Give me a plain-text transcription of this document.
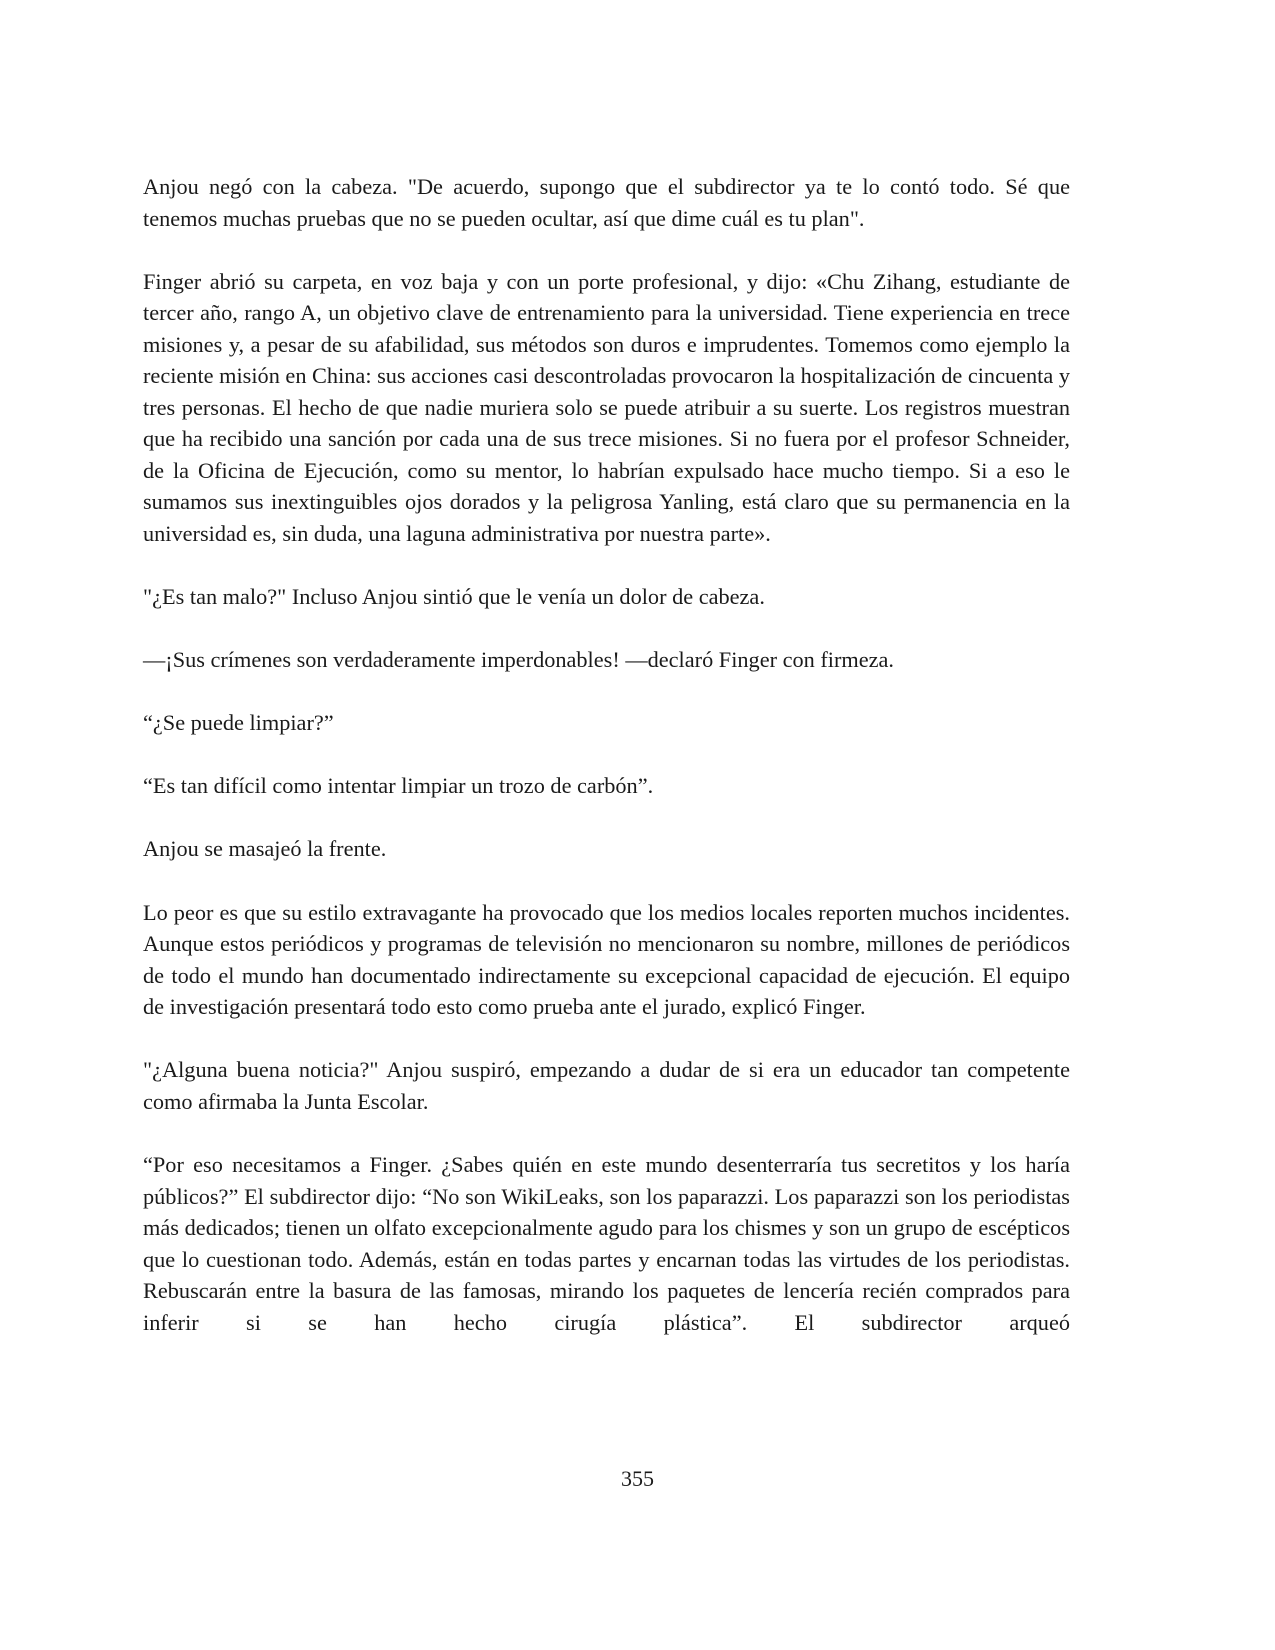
Anjou negó con la cabeza. "De acuerdo, supongo que el subdirector ya te lo contó todo. Sé que tenemos muchas pruebas que no se pueden ocultar, así que dime cuál es tu plan".

Finger abrió su carpeta, en voz baja y con un porte profesional, y dijo: «Chu Zihang, estudiante de tercer año, rango A, un objetivo clave de entrenamiento para la universidad. Tiene experiencia en trece misiones y, a pesar de su afabilidad, sus métodos son duros e imprudentes. Tomemos como ejemplo la reciente misión en China: sus acciones casi descontroladas provocaron la hospitalización de cincuenta y tres personas. El hecho de que nadie muriera solo se puede atribuir a su suerte. Los registros muestran que ha recibido una sanción por cada una de sus trece misiones. Si no fuera por el profesor Schneider, de la Oficina de Ejecución, como su mentor, lo habrían expulsado hace mucho tiempo. Si a eso le sumamos sus inextinguibles ojos dorados y la peligrosa Yanling, está claro que su permanencia en la universidad es, sin duda, una laguna administrativa por nuestra parte».

"¿Es tan malo?" Incluso Anjou sintió que le venía un dolor de cabeza.

—¡Sus crímenes son verdaderamente imperdonables! —declaró Finger con firmeza.

“¿Se puede limpiar?”

“Es tan difícil como intentar limpiar un trozo de carbón”.

Anjou se masajeó la frente.

Lo peor es que su estilo extravagante ha provocado que los medios locales reporten muchos incidentes. Aunque estos periódicos y programas de televisión no mencionaron su nombre, millones de periódicos de todo el mundo han documentado indirectamente su excepcional capacidad de ejecución. El equipo de investigación presentará todo esto como prueba ante el jurado, explicó Finger.

"¿Alguna buena noticia?" Anjou suspiró, empezando a dudar de si era un educador tan competente como afirmaba la Junta Escolar.

“Por eso necesitamos a Finger. ¿Sabes quién en este mundo desenterraría tus secretitos y los haría públicos?” El subdirector dijo: “No son WikiLeaks, son los paparazzi. Los paparazzi son los periodistas más dedicados; tienen un olfato excepcionalmente agudo para los chismes y son un grupo de escépticos que lo cuestionan todo. Además, están en todas partes y encarnan todas las virtudes de los periodistas. Rebuscarán entre la basura de las famosas, mirando los paquetes de lencería recién comprados para inferir si se han hecho cirugía plástica”. El subdirector arqueó

355
